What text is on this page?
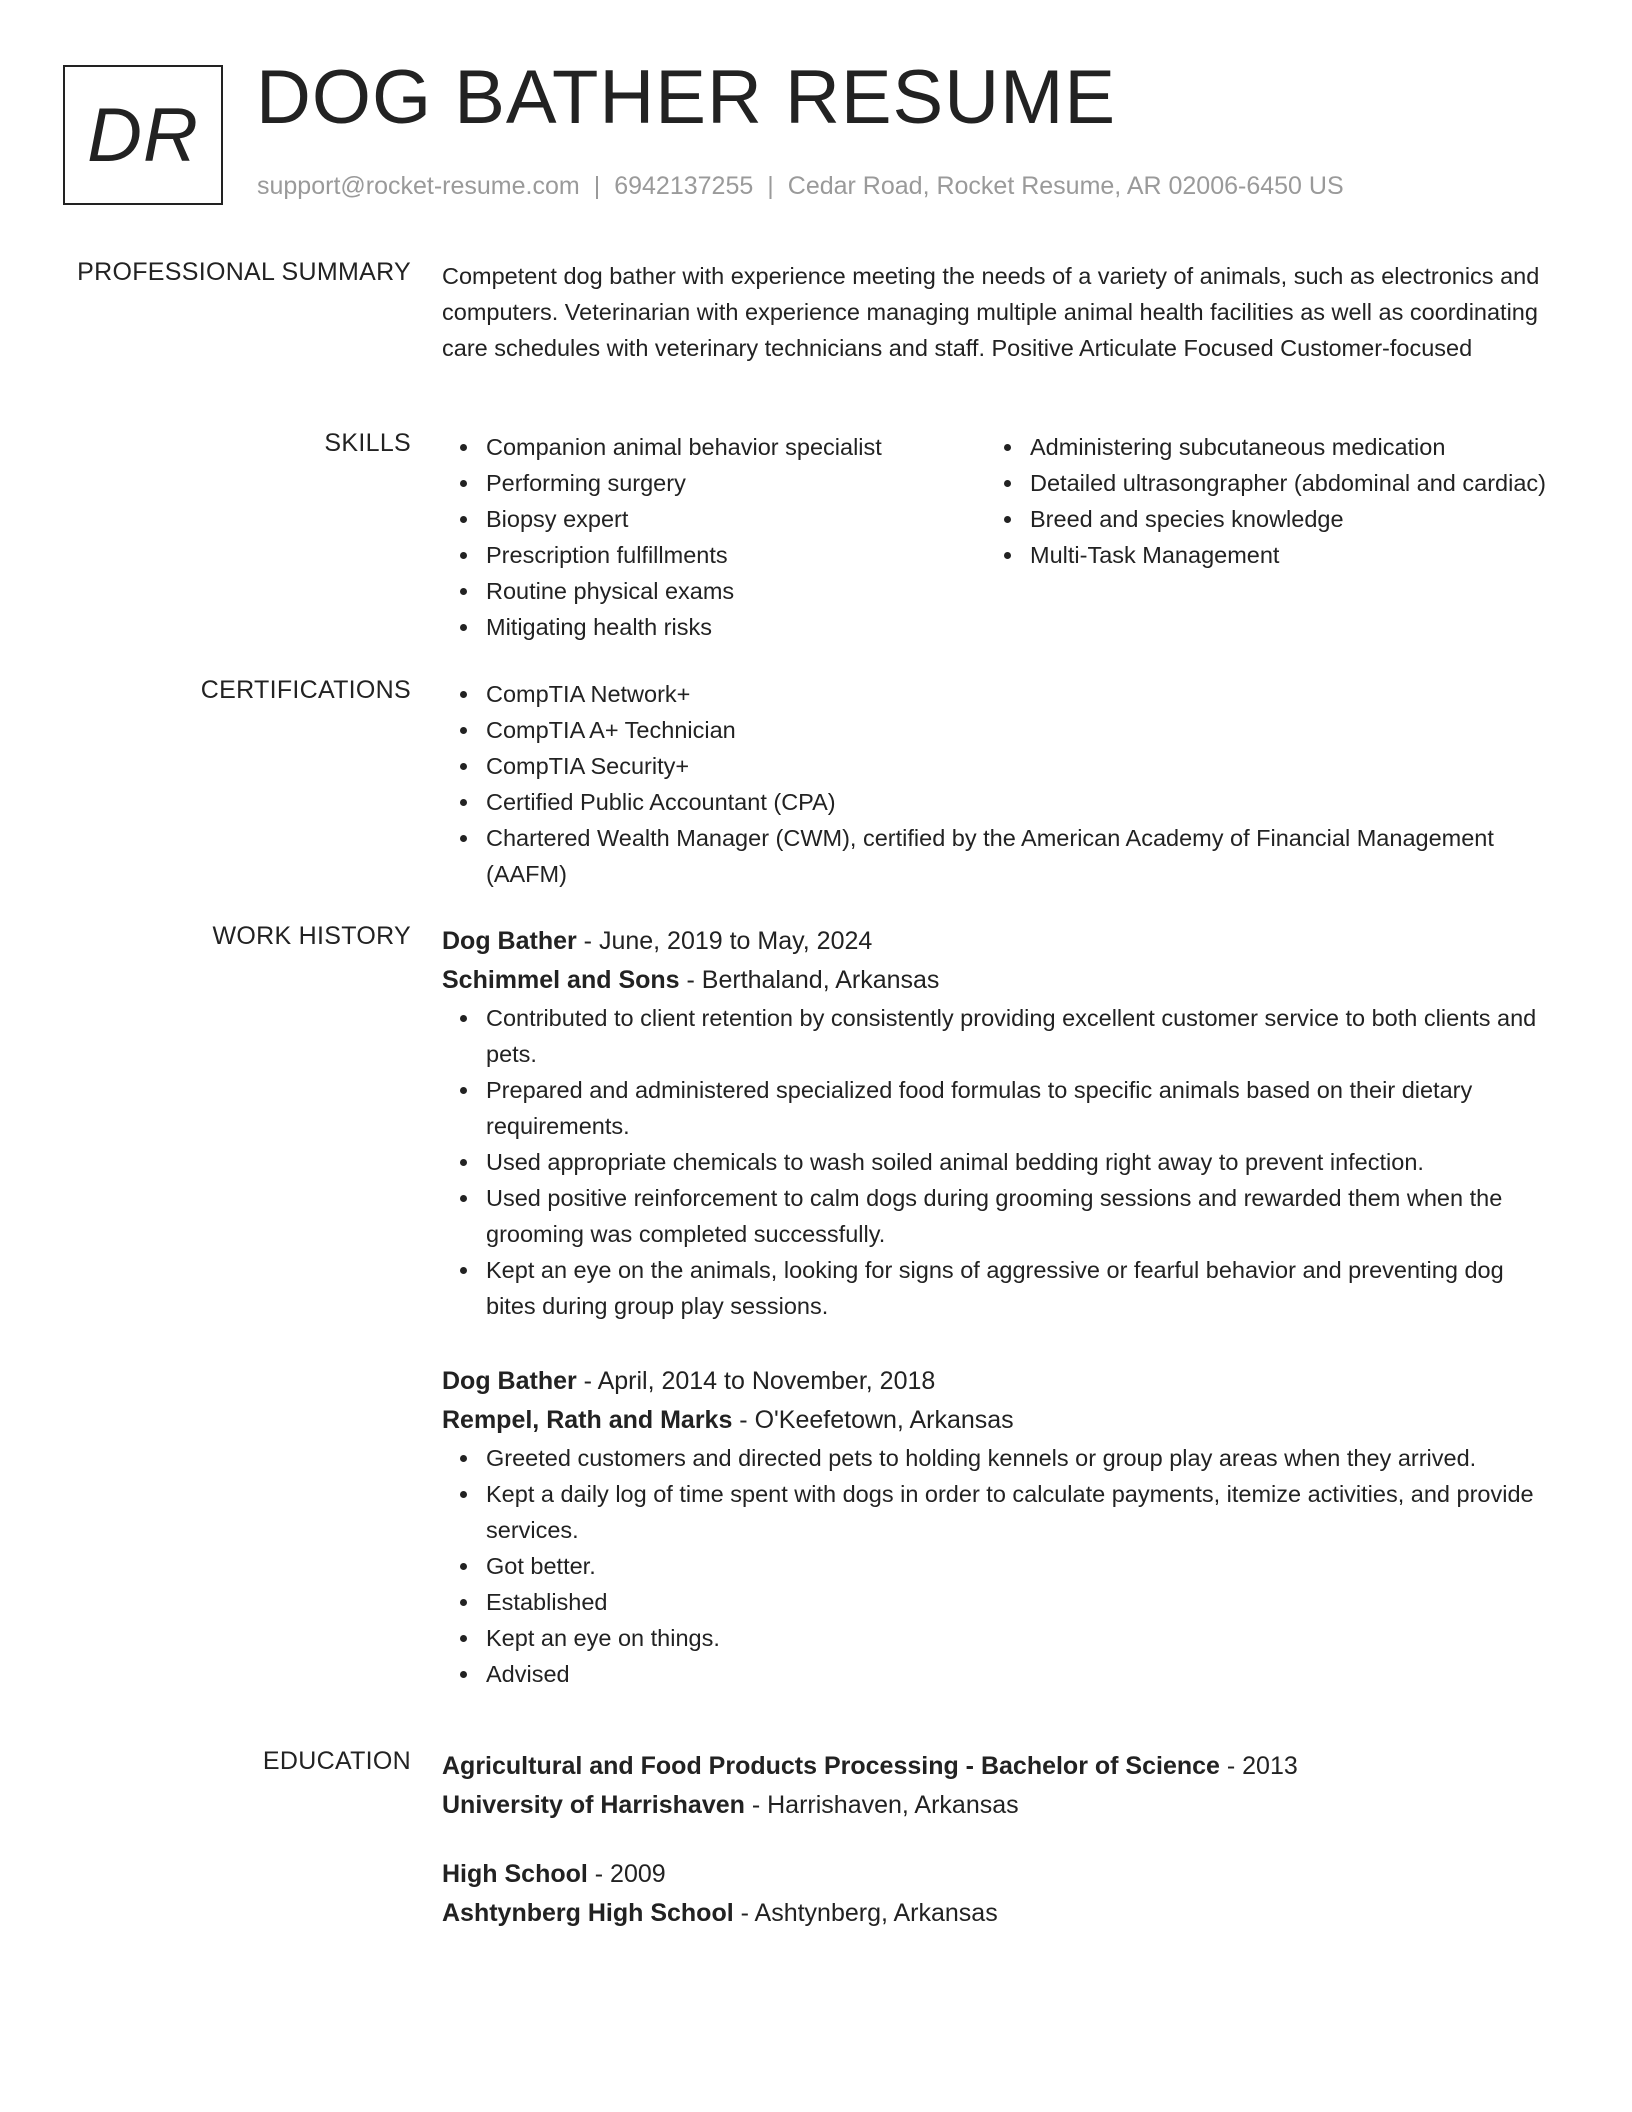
DR DOG BATHER RESUME
support@rocket-resume.com | 6942137255 | Cedar Road, Rocket Resume, AR 02006-6450 US
PROFESSIONAL SUMMARY Competent dog bather with experience meeting the needs of a variety of animals, such as electronics and computers. Veterinarian with experience managing multiple animal health facilities as well as coordinating care schedules with veterinary technicians and staff. Positive Articulate Focused Customer-focused

SKILLS	Companion animal behavior specialist
Performing surgery
Biopsy expert
Prescription fulfillments
Routine physical exams
Mitigating health risks
Administering subcutaneous medication
Detailed ultrasongrapher (abdominal and cardiac)
Breed and species knowledge
Multi-Task Management
CERTIFICATIONS	CompTIA Network+
CompTIA A+ Technician
CompTIA Security+
Certified Public Accountant (CPA)
Chartered Wealth Manager (CWM), certified by the American Academy of Financial Management (AAFM)
WORK HISTORY Dog Bather - June, 2019 to May, 2024
Schimmel and Sons - Berthaland, Arkansas
Contributed to client retention by consistently providing excellent customer service to both clients and pets.
Prepared and administered specialized food formulas to specific animals based on their dietary requirements.
Used appropriate chemicals to wash soiled animal bedding right away to prevent infection.
Used positive reinforcement to calm dogs during grooming sessions and rewarded them when the grooming was completed successfully.
Kept an eye on the animals, looking for signs of aggressive or fearful behavior and preventing dog bites during group play sessions.
Dog Bather - April, 2014 to November, 2018
Rempel, Rath and Marks - O'Keefetown, Arkansas
Greeted customers and directed pets to holding kennels or group play areas when they arrived.
Kept a daily log of time spent with dogs in order to calculate payments, itemize activities, and provide services.
Got better.
Established
Kept an eye on things.
Advised
EDUCATION Agricultural and Food Products Processing - Bachelor of Science - 2013
University of Harrishaven - Harrishaven, Arkansas
High School - 2009
Ashtynberg High School - Ashtynberg, Arkansas
